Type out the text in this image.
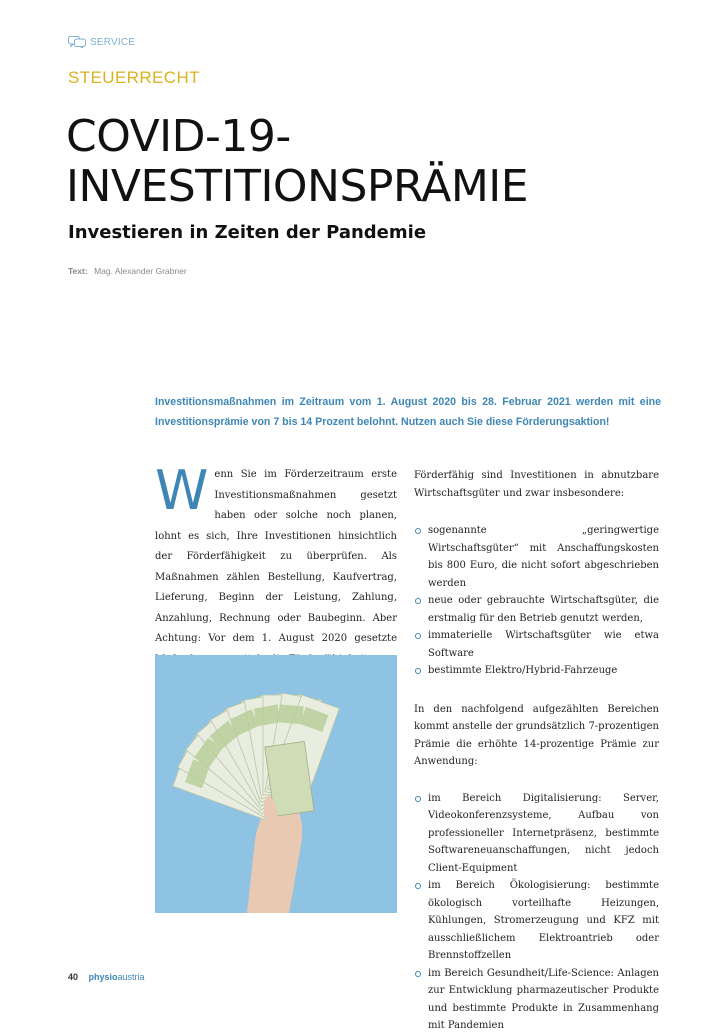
SERVICE
STEUERRECHT
COVID-19-
INVESTITIONSPRÄMIE
Investieren in Zeiten der Pandemie
Text: Mag. Alexander Grabner

Investitionsmaßnahmen im Zeitraum vom 1. August 2020 bis 28. Februar 2021 werden mit eine Investitionsprämie von 7 bis 14 Prozent belohnt. Nutzen auch Sie diese Förderungsaktion!

W enn Sie im Förderzeitraum erste Investitionsmaßnahmen gesetzt haben oder solche noch planen, lohnt es sich, Ihre Investitionen hinsichtlich der Förderfähigkeit zu überprüfen. Als Maßnahmen zählen Bestellung, Kaufvertrag, Lieferung, Beginn der Leistung, Zahlung, Anzahlung, Rechnung oder Baubeginn. Aber Achtung: Vor dem 1. August 2020 gesetzte

Förderfähig sind Investitionen in abnutzbare Wirtschaftsgüter und zwar insbesondere:

sogenannte „geringwertige Wirtschaftsgüter“ mit Anschaffungskosten bis 800 Euro, die nicht sofort abgeschrieben werden
neue oder gebrauchte Wirtschaftsgüter, die erstmalig für den Betrieb genutzt werden,
immaterielle Wirtschaftsgüter wie etwa Software
bestimmte Elektro/Hybrid-Fahrzeuge

In den nachfolgend aufgezählten Bereichen kommt anstelle der grundsätzlich 7-prozentigen Prämie die erhöhte 14-prozentige Prämie zur Anwendung:

im Bereich Digitalisierung: Server, Videokonferenzsysteme, Aufbau von professioneller Internetpräsenz, bestimmte Softwareneuanschaffungen, nicht jedoch Client-Equipment
im Bereich Ökologisierung: bestimmte ökologisch vorteilhafte Heizungen, Kühlungen, Stromerzeugung und KFZ mit ausschließlichem Elektroantrieb oder Brennstoffzellen
im Bereich Gesundheit/Life-Science: Anlagen zur Entwicklung pharmazeutischer Produkte und bestimmte Produkte in Zusammenhang mit Pandemien
40 physioaustria
